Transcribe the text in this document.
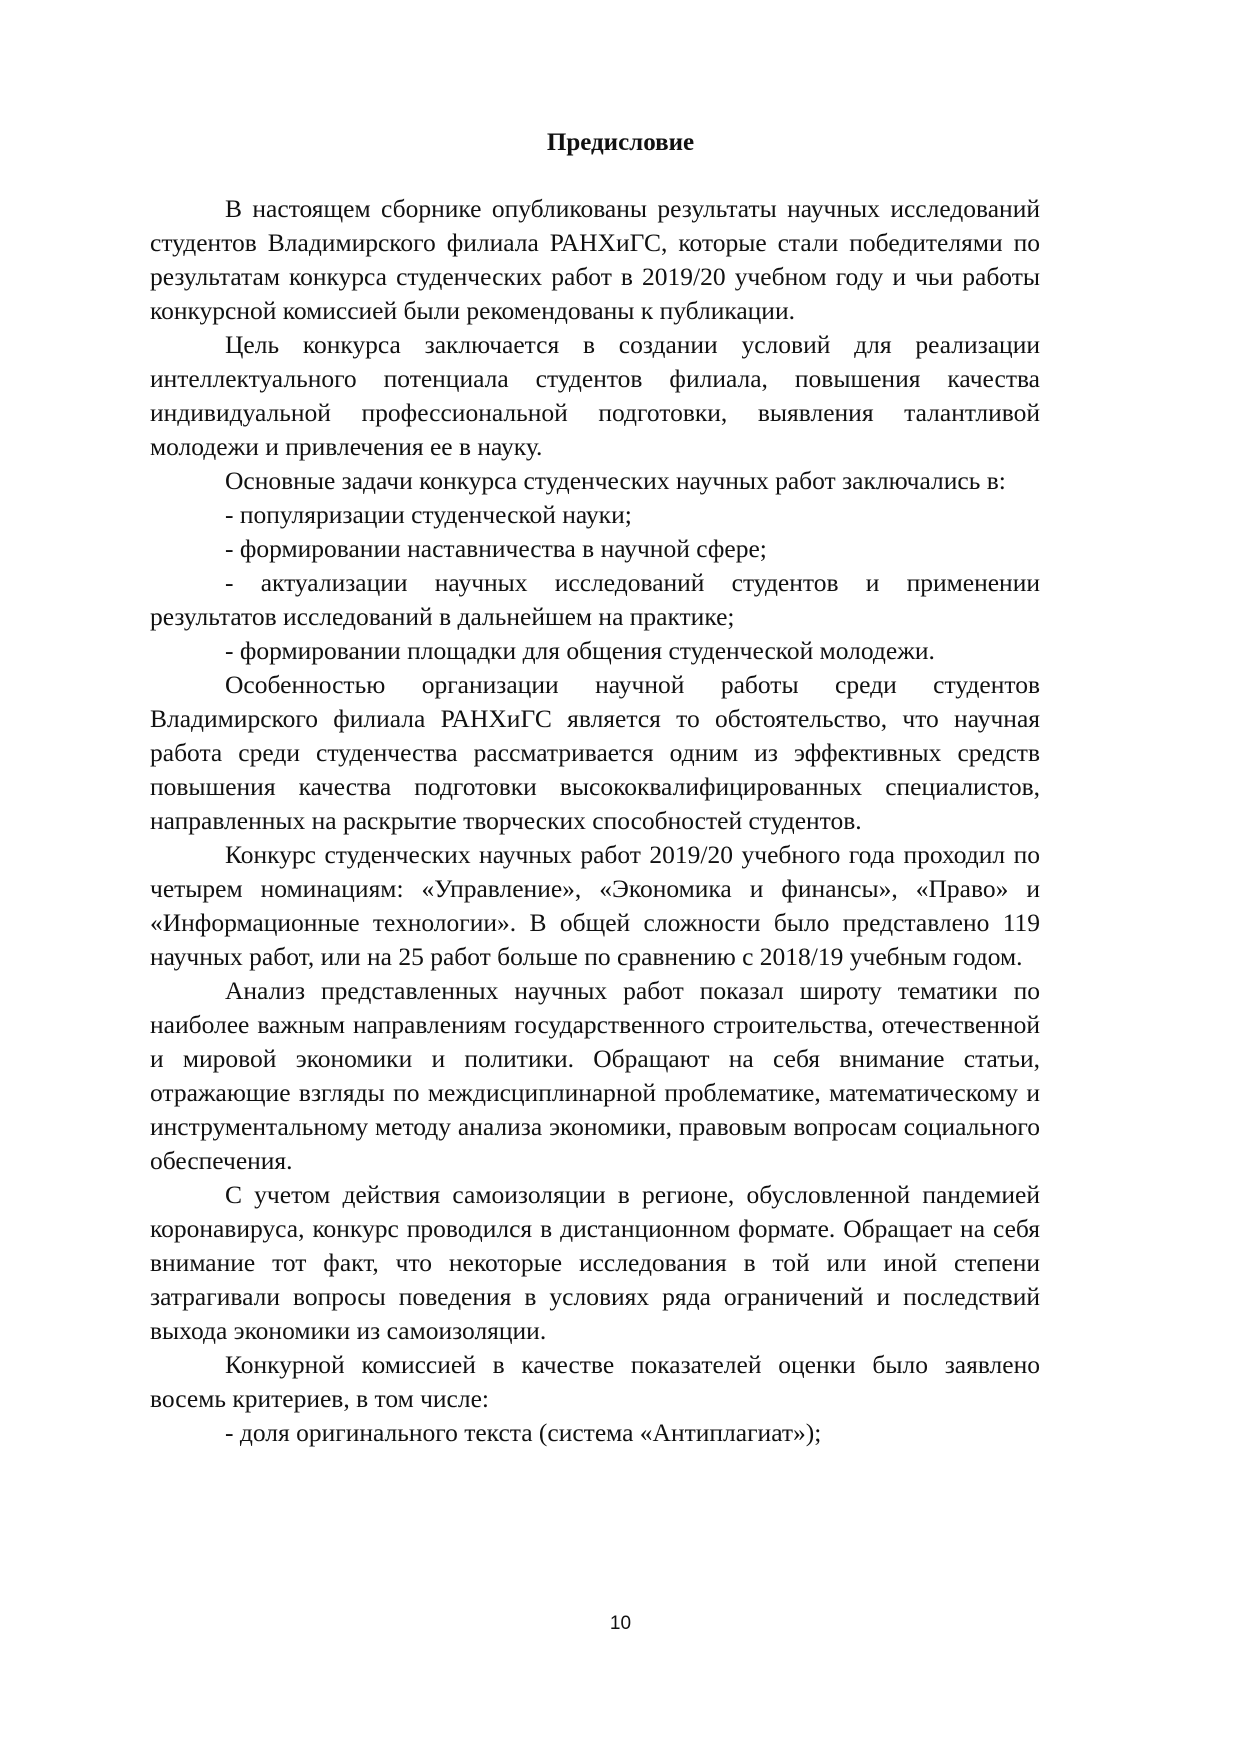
Предисловие

В настоящем сборнике опубликованы результаты научных исследований студентов Владимирского филиала РАНХиГС, которые стали победителями по результатам конкурса студенческих работ в 2019/20 учебном году и чьи работы конкурсной комиссией были рекомендованы к публикации.

Цель конкурса заключается в создании условий для реализации интеллектуального потенциала студентов филиала, повышения качества индивидуальной профессиональной подготовки, выявления талантливой молодежи и привлечения ее в науку.

Основные задачи конкурса студенческих научных работ заключались в:

- популяризации студенческой науки;

- формировании наставничества в научной сфере;

- актуализации научных исследований студентов и применении результатов исследований в дальнейшем на практике;

- формировании площадки для общения студенческой молодежи.

Особенностью организации научной работы среди студентов Владимирского филиала РАНХиГС является то обстоятельство, что научная работа среди студенчества рассматривается одним из эффективных средств повышения качества подготовки высококвалифицированных специалистов, направленных на раскрытие творческих способностей студентов.

Конкурс студенческих научных работ 2019/20 учебного года проходил по четырем номинациям: «Управление», «Экономика и финансы», «Право» и «Информационные технологии». В общей сложности было представлено 119 научных работ, или на 25 работ больше по сравнению с 2018/19 учебным годом.

Анализ представленных научных работ показал широту тематики по наиболее важным направлениям государственного строительства, отечественной и мировой экономики и политики. Обращают на себя внимание статьи, отражающие взгляды по междисциплинарной проблематике, математическому и инструментальному методу анализа экономики, правовым вопросам социального обеспечения.

С учетом действия самоизоляции в регионе, обусловленной пандемией коронавируса, конкурс проводился в дистанционном формате. Обращает на себя внимание тот факт, что некоторые исследования в той или иной степени затрагивали вопросы поведения в условиях ряда ограничений и последствий выхода экономики из самоизоляции.

Конкурной комиссией в качестве показателей оценки было заявлено восемь критериев, в том числе:

- доля оригинального текста (система «Антиплагиат»);

10
